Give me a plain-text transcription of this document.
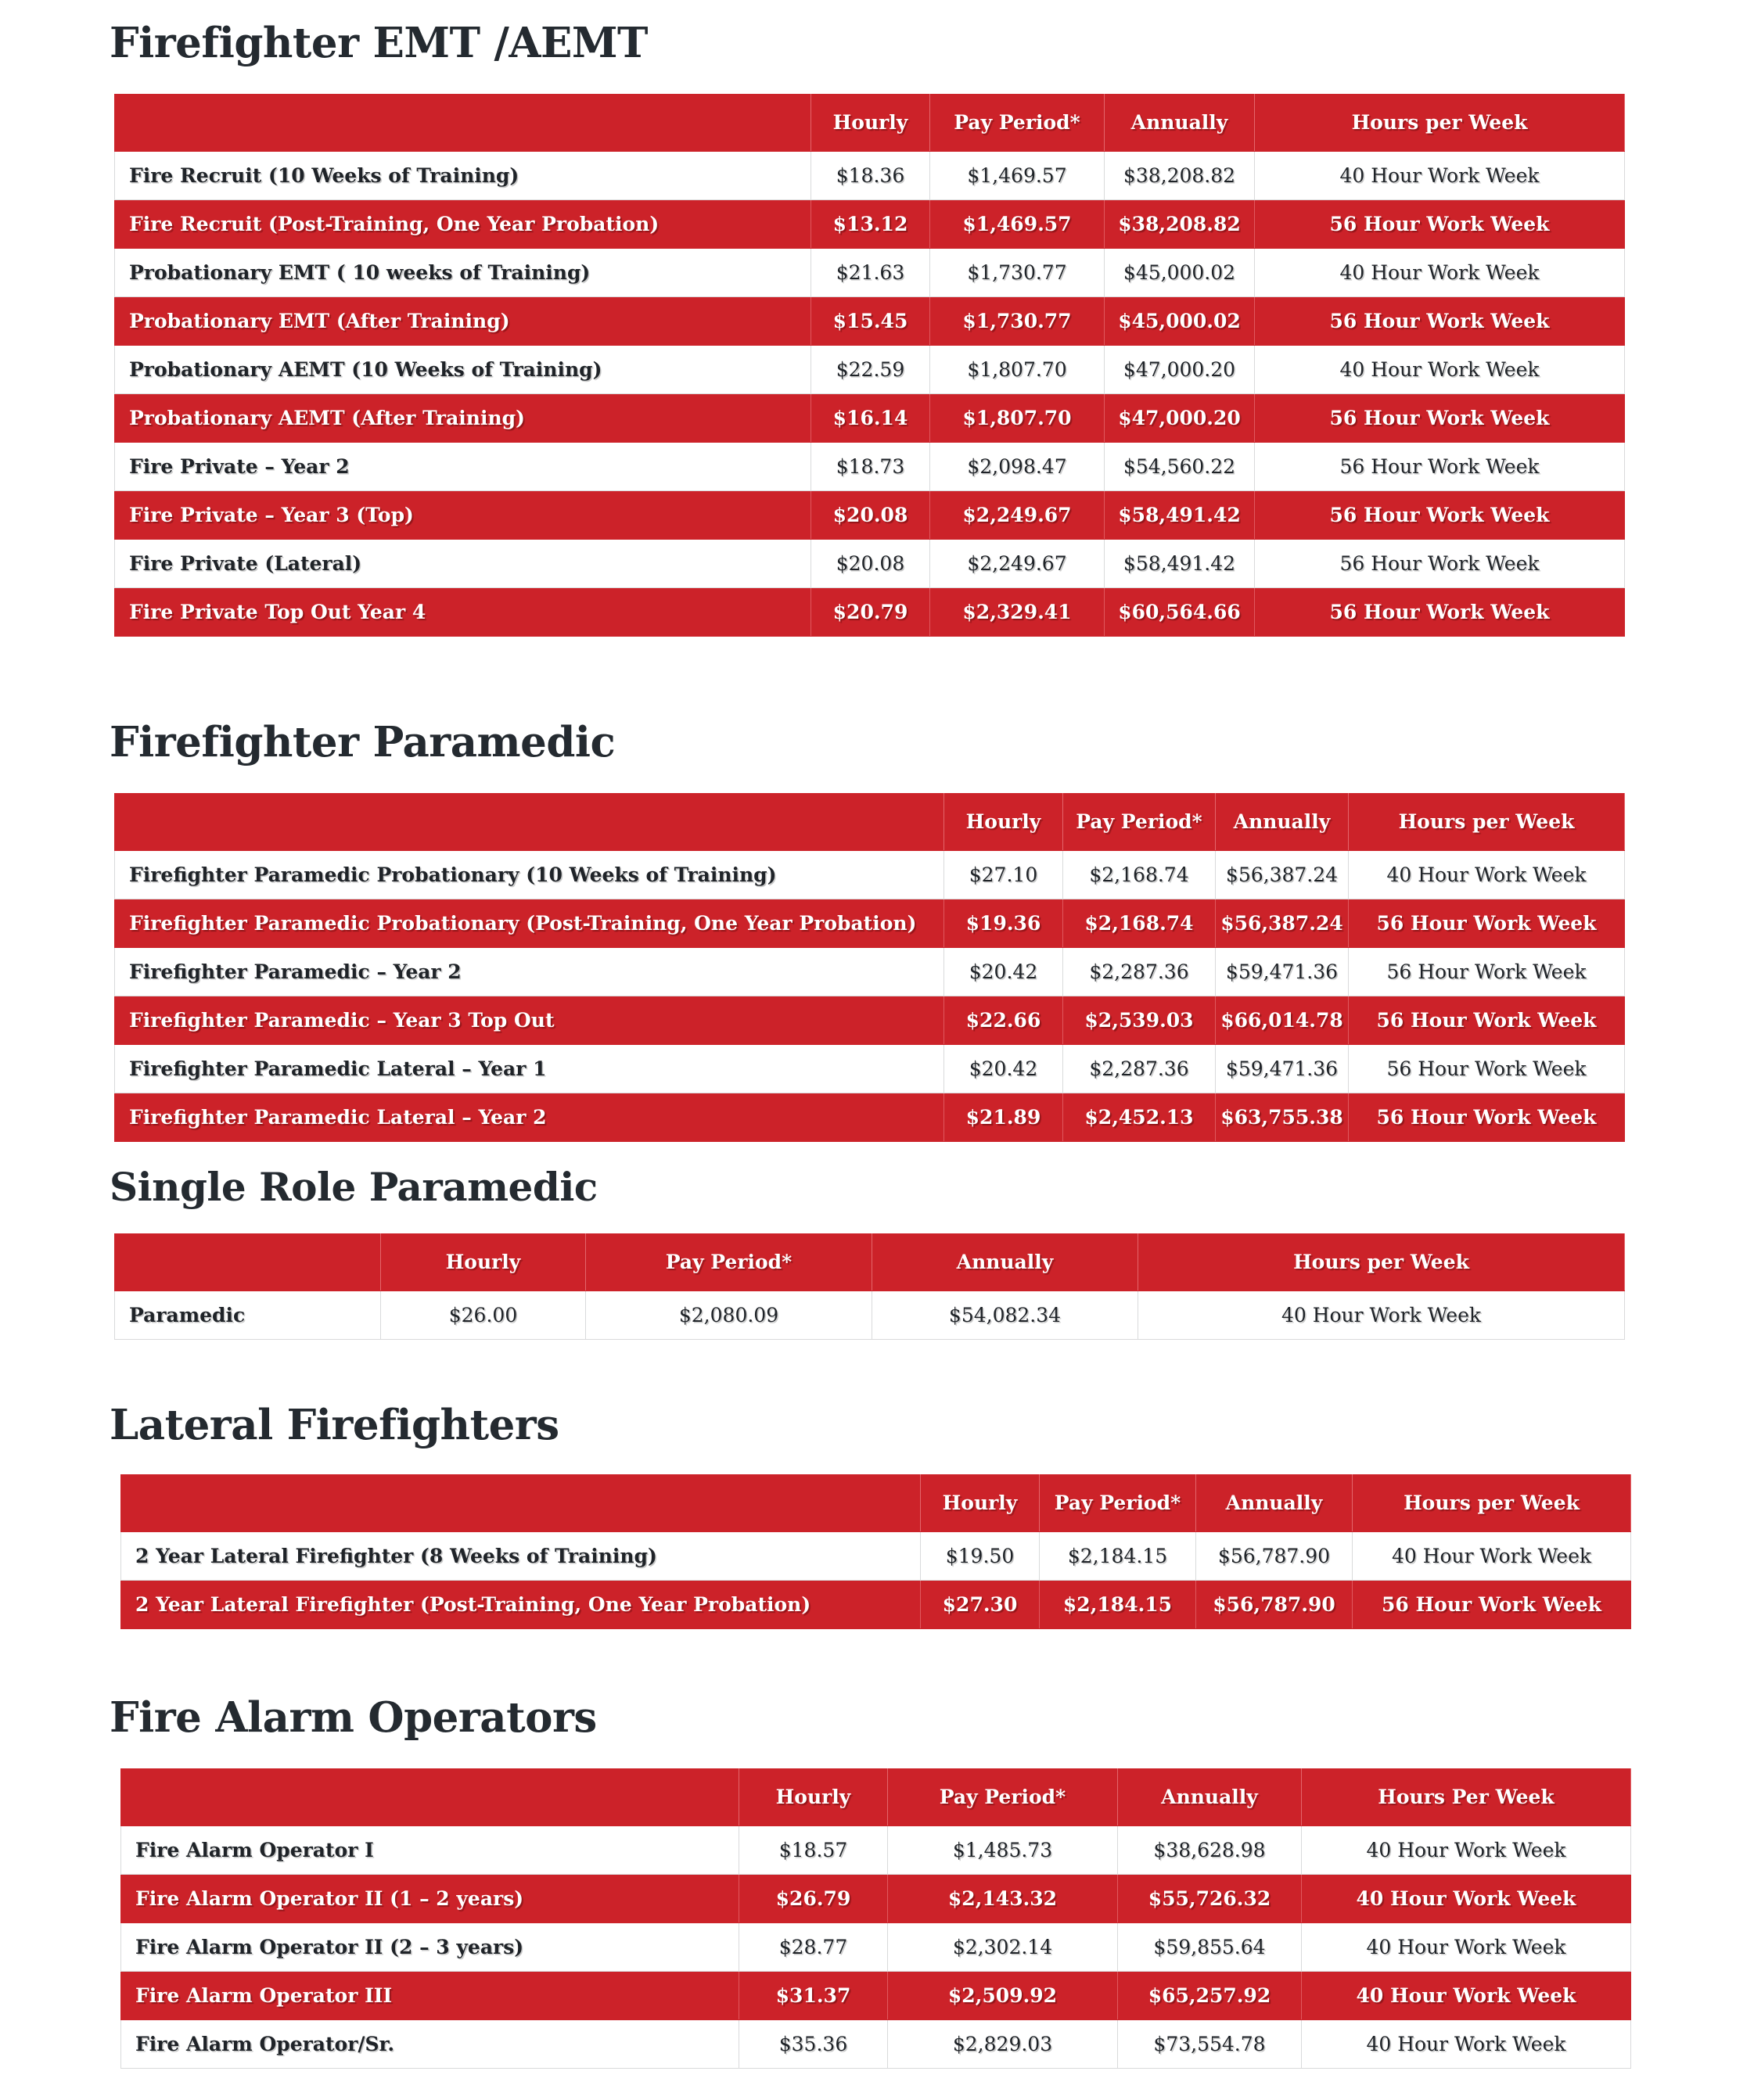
Firefighter EMT /AEMT
	Hourly	Pay Period*	Annually	Hours per Week
Fire Recruit (10 Weeks of Training)	$18.36	$1,469.57	$38,208.82	40 Hour Work Week
Fire Recruit (Post-Training, One Year Probation)	$13.12	$1,469.57	$38,208.82	56 Hour Work Week
Probationary EMT ( 10 weeks of Training)	$21.63	$1,730.77	$45,000.02	40 Hour Work Week
Probationary EMT (After Training)	$15.45	$1,730.77	$45,000.02	56 Hour Work Week
Probationary AEMT (10 Weeks of Training)	$22.59	$1,807.70	$47,000.20	40 Hour Work Week
Probationary AEMT (After Training)	$16.14	$1,807.70	$47,000.20	56 Hour Work Week
Fire Private – Year 2	$18.73	$2,098.47	$54,560.22	56 Hour Work Week
Fire Private – Year 3 (Top)	$20.08	$2,249.67	$58,491.42	56 Hour Work Week
Fire Private (Lateral)	$20.08	$2,249.67	$58,491.42	56 Hour Work Week
Fire Private Top Out Year 4	$20.79	$2,329.41	$60,564.66	56 Hour Work Week
Firefighter Paramedic
	Hourly	Pay Period*	Annually	Hours per Week
Firefighter Paramedic Probationary (10 Weeks of Training)	$27.10	$2,168.74	$56,387.24	40 Hour Work Week
Firefighter Paramedic Probationary (Post-Training, One Year Probation)	$19.36	$2,168.74	$56,387.24	56 Hour Work Week
Firefighter Paramedic – Year 2	$20.42	$2,287.36	$59,471.36	56 Hour Work Week
Firefighter Paramedic – Year 3 Top Out	$22.66	$2,539.03	$66,014.78	56 Hour Work Week
Firefighter Paramedic Lateral – Year 1	$20.42	$2,287.36	$59,471.36	56 Hour Work Week
Firefighter Paramedic Lateral – Year 2	$21.89	$2,452.13	$63,755.38	56 Hour Work Week
Single Role Paramedic
	Hourly	Pay Period*	Annually	Hours per Week
Paramedic	$26.00	$2,080.09	$54,082.34	40 Hour Work Week
Lateral Firefighters
	Hourly	Pay Period*	Annually	Hours per Week
2 Year Lateral Firefighter (8 Weeks of Training)	$19.50	$2,184.15	$56,787.90	40 Hour Work Week
2 Year Lateral Firefighter (Post-Training, One Year Probation)	$27.30	$2,184.15	$56,787.90	56 Hour Work Week
Fire Alarm Operators
	Hourly	Pay Period*	Annually	Hours Per Week
Fire Alarm Operator I	$18.57	$1,485.73	$38,628.98	40 Hour Work Week
Fire Alarm Operator II (1 – 2 years)	$26.79	$2,143.32	$55,726.32	40 Hour Work Week
Fire Alarm Operator II (2 – 3 years)	$28.77	$2,302.14	$59,855.64	40 Hour Work Week
Fire Alarm Operator III	$31.37	$2,509.92	$65,257.92	40 Hour Work Week
Fire Alarm Operator/Sr.	$35.36	$2,829.03	$73,554.78	40 Hour Work Week
